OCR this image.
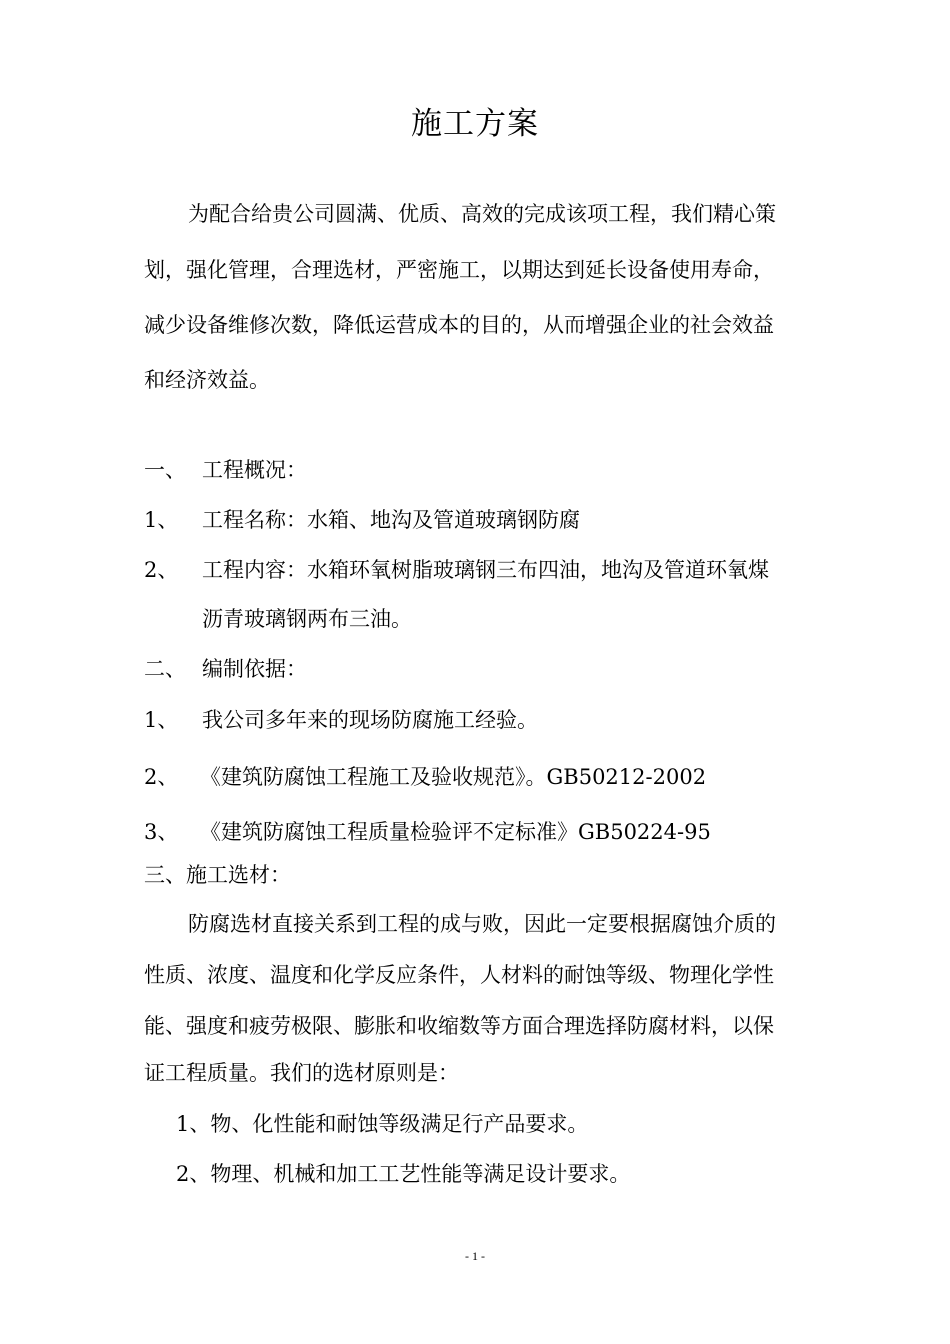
施工方案
为配合给贵公司圆满、优质、高效的完成该项工程，我们精心策
划，强化管理，合理选材，严密施工，以期达到延长设备使用寿命，
减少设备维修次数，降低运营成本的目的，从而增强企业的社会效益
和经济效益。
一、 工程概况：
1、 工程名称：水箱、地沟及管道玻璃钢防腐
2、 工程内容：水箱环氧树脂玻璃钢三布四油，地沟及管道环氧煤
沥青玻璃钢两布三油。
二、 编制依据：
1、 我公司多年来的现场防腐施工经验。
2、 《建筑防腐蚀工程施工及验收规范》。GB50212-2002
3、 《建筑防腐蚀工程质量检验评不定标准》GB50224-95
三、施工选材：
防腐选材直接关系到工程的成与败，因此一定要根据腐蚀介质的
性质、浓度、温度和化学反应条件，人材料的耐蚀等级、物理化学性
能、强度和疲劳极限、膨胀和收缩数等方面合理选择防腐材料，以保
证工程质量。我们的选材原则是：
1、物、化性能和耐蚀等级满足行产品要求。
2、物理、机械和加工工艺性能等满足设计要求。
- 1 -
